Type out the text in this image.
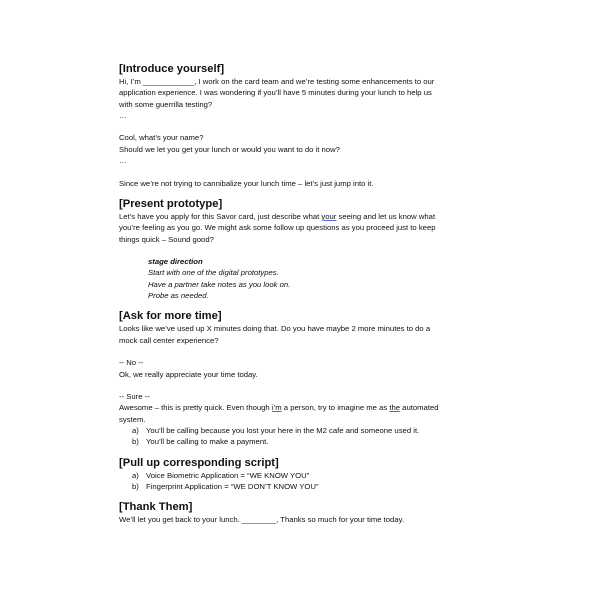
[Introduce yourself]
Hi, I’m ____________, I work on the card team and we’re testing some enhancements to our
application experience. I was wondering if you’ll have 5 minutes during your lunch to help us
with some guerrilla testing?
…
Cool, what’s your name?
Should we let you get your lunch or would you want to do it now?
…
Since we’re not trying to cannibalize your lunch time – let’s just jump into it.
[Present prototype]
Let’s have you apply for this Savor card, just describe what your seeing and let us know what
you’re feeling as you go. We might ask some follow up questions as you proceed just to keep
things quick – Sound good?
stage direction
Start with one of the digital prototypes.
Have a partner take notes as you look on.
Probe as needed.
[Ask for more time]
Looks like we’ve used up X minutes doing that. Do you have maybe 2 more minutes to do a
mock call center experience?
-- No --
Ok, we really appreciate your time today.
-- Sure --
Awesome – this is pretty quick. Even though i’m a person, try to imagine me as the automated
system.
a) You’ll be calling because you lost your here in the M2 cafe and someone used it.
b) You’ll be calling to make a payment.
[Pull up corresponding script]
a) Voice Biometric Application = “WE KNOW YOU”
b) Fingerprint Application = “WE DON’T KNOW YOU”
[Thank Them]
We’ll let you get back to your lunch. ________, Thanks so much for your time today.
